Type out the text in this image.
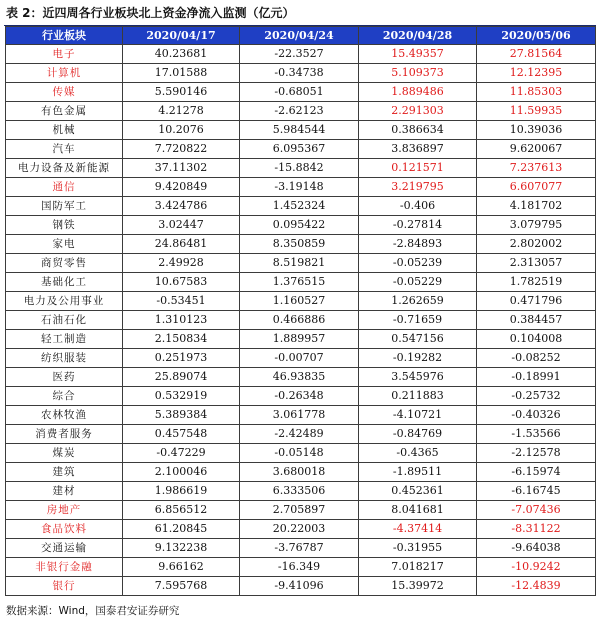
表 2：近四周各行业板块北上资金净流入监测（亿元）
行业板块	2020/04/17	2020/04/24	2020/04/28	2020/05/06
电子	40.23681	-22.3527	15.49357	27.81564
计算机	17.01588	-0.34738	5.109373	12.12395
传媒	5.590146	-0.68051	1.889486	11.85303
有色金属	4.21278	-2.62123	2.291303	11.59935
机械	10.2076	5.984544	0.386634	10.39036
汽车	7.720822	6.095367	3.836897	9.620067
电力设备及新能源	37.11302	-15.8842	0.121571	7.237613
通信	9.420849	-3.19148	3.219795	6.607077
国防军工	3.424786	1.452324	-0.406	4.181702
钢铁	3.02447	0.095422	-0.27814	3.079795
家电	24.86481	8.350859	-2.84893	2.802002
商贸零售	2.49928	8.519821	-0.05239	2.313057
基础化工	10.67583	1.376515	-0.05229	1.782519
电力及公用事业	-0.53451	1.160527	1.262659	0.471796
石油石化	1.310123	0.466886	-0.71659	0.384457
轻工制造	2.150834	1.889957	0.547156	0.104008
纺织服装	0.251973	-0.00707	-0.19282	-0.08252
医药	25.89074	46.93835	3.545976	-0.18991
综合	0.532919	-0.26348	0.211883	-0.25732
农林牧渔	5.389384	3.061778	-4.10721	-0.40326
消费者服务	0.457548	-2.42489	-0.84769	-1.53566
煤炭	-0.47229	-0.05148	-0.4365	-2.12578
建筑	2.100046	3.680018	-1.89511	-6.15974
建材	1.986619	6.333506	0.452361	-6.16745
房地产	6.856512	2.705897	8.041681	-7.07436
食品饮料	61.20845	20.22003	-4.37414	-8.31122
交通运输	9.132238	-3.76787	-0.31955	-9.64038
非银行金融	9.66162	-16.349	7.018217	-10.9242
银行	7.595768	-9.41096	15.39972	-12.4839
数据来源：Wind，国泰君安证券研究
